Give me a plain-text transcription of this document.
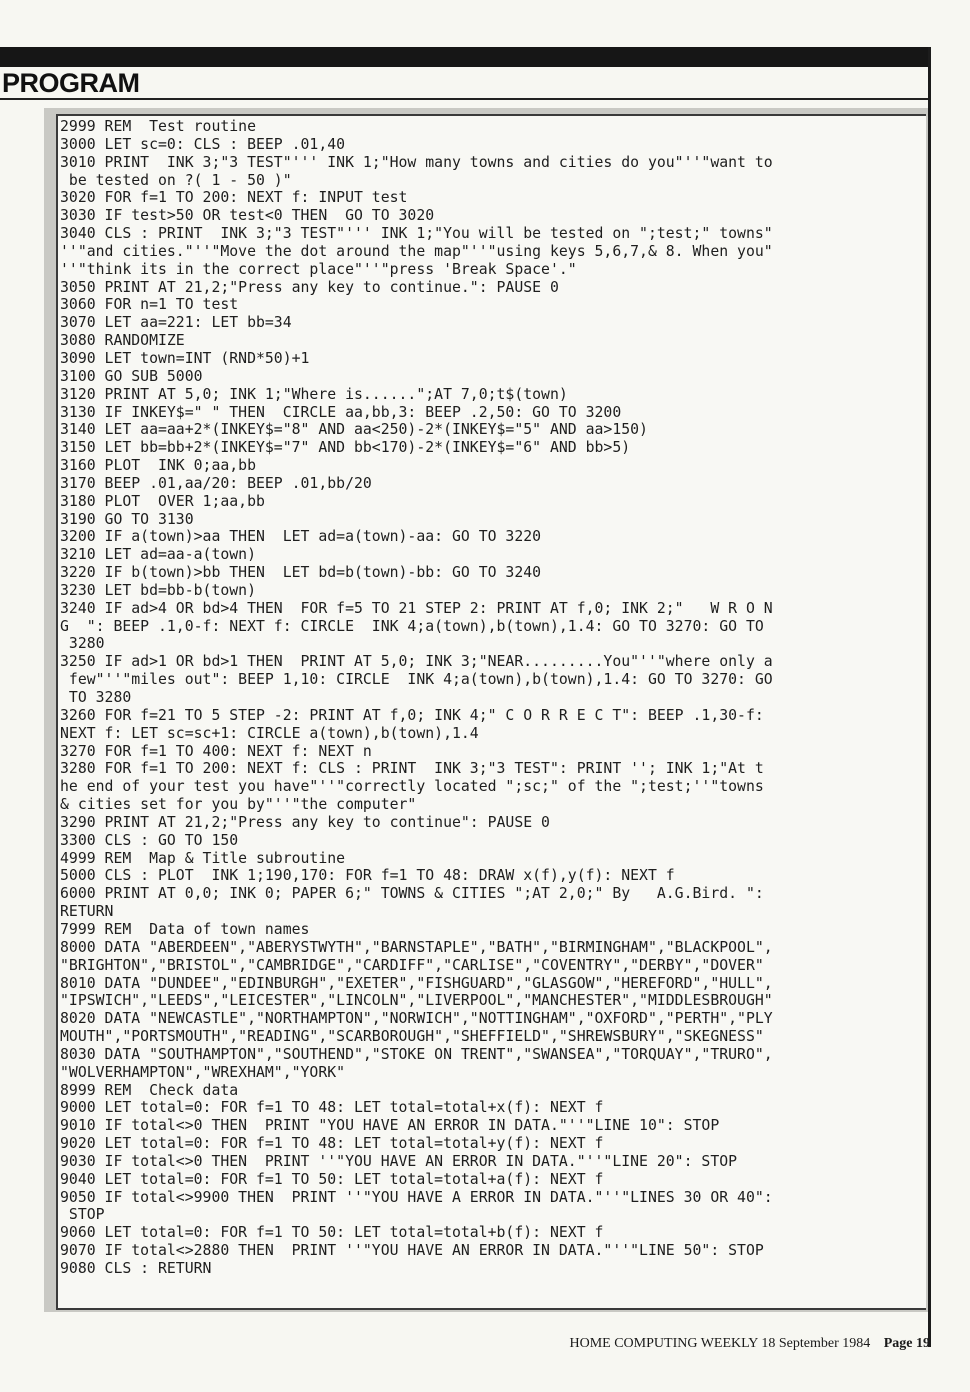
PROGRAM
2999 REM  Test routine
3000 LET sc=0: CLS : BEEP .01,40
3010 PRINT  INK 3;"3 TEST"''' INK 1;"How many towns and cities do you"''"want to
be tested on ?( 1 - 50 )"
3020 FOR f=1 TO 200: NEXT f: INPUT test
3030 IF test>50 OR test<0 THEN  GO TO 3020
3040 CLS : PRINT  INK 3;"3 TEST"''' INK 1;"You will be tested on ";test;" towns"
''"and cities."''"Move the dot around the map"''"using keys 5,6,7,& 8. When you"
''"think its in the correct place"''"press 'Break Space'."
3050 PRINT AT 21,2;"Press any key to continue.": PAUSE 0
3060 FOR n=1 TO test
3070 LET aa=221: LET bb=34
3080 RANDOMIZE
3090 LET town=INT (RND*50)+1
3100 GO SUB 5000
3120 PRINT AT 5,0; INK 1;"Where is......";AT 7,0;t$(town)
3130 IF INKEY$=" " THEN  CIRCLE aa,bb,3: BEEP .2,50: GO TO 3200
3140 LET aa=aa+2*(INKEY$="8" AND aa<250)-2*(INKEY$="5" AND aa>150)
3150 LET bb=bb+2*(INKEY$="7" AND bb<170)-2*(INKEY$="6" AND bb>5)
3160 PLOT  INK 0;aa,bb
3170 BEEP .01,aa/20: BEEP .01,bb/20
3180 PLOT  OVER 1;aa,bb
3190 GO TO 3130
3200 IF a(town)>aa THEN  LET ad=a(town)-aa: GO TO 3220
3210 LET ad=aa-a(town)
3220 IF b(town)>bb THEN  LET bd=b(town)-bb: GO TO 3240
3230 LET bd=bb-b(town)
3240 IF ad>4 OR bd>4 THEN  FOR f=5 TO 21 STEP 2: PRINT AT f,0; INK 2;"   W R O N
G  ": BEEP .1,0-f: NEXT f: CIRCLE  INK 4;a(town),b(town),1.4: GO TO 3270: GO TO
3280
3250 IF ad>1 OR bd>1 THEN  PRINT AT 5,0; INK 3;"NEAR.........You"''"where only a
few"''"miles out": BEEP 1,10: CIRCLE  INK 4;a(town),b(town),1.4: GO TO 3270: GO
TO 3280
3260 FOR f=21 TO 5 STEP -2: PRINT AT f,0; INK 4;" C O R R E C T": BEEP .1,30-f:
NEXT f: LET sc=sc+1: CIRCLE a(town),b(town),1.4
3270 FOR f=1 TO 400: NEXT f: NEXT n
3280 FOR f=1 TO 200: NEXT f: CLS : PRINT  INK 3;"3 TEST": PRINT ''; INK 1;"At t
he end of your test you have"''"correctly located ";sc;" of the ";test;''"towns
& cities set for you by"''"the computer"
3290 PRINT AT 21,2;"Press any key to continue": PAUSE 0
3300 CLS : GO TO 150
4999 REM  Map & Title subroutine
5000 CLS : PLOT  INK 1;190,170: FOR f=1 TO 48: DRAW x(f),y(f): NEXT f
6000 PRINT AT 0,0; INK 0; PAPER 6;" TOWNS & CITIES ";AT 2,0;" By   A.G.Bird. ":
RETURN
7999 REM  Data of town names
8000 DATA "ABERDEEN","ABERYSTWYTH","BARNSTAPLE","BATH","BIRMINGHAM","BLACKPOOL",
"BRIGHTON","BRISTOL","CAMBRIDGE","CARDIFF","CARLISE","COVENTRY","DERBY","DOVER"
8010 DATA "DUNDEE","EDINBURGH","EXETER","FISHGUARD","GLASGOW","HEREFORD","HULL",
"IPSWICH","LEEDS","LEICESTER","LINCOLN","LIVERPOOL","MANCHESTER","MIDDLESBROUGH"
8020 DATA "NEWCASTLE","NORTHAMPTON","NORWICH","NOTTINGHAM","OXFORD","PERTH","PLY
MOUTH","PORTSMOUTH","READING","SCARBOROUGH","SHEFFIELD","SHREWSBURY","SKEGNESS"
8030 DATA "SOUTHAMPTON","SOUTHEND","STOKE ON TRENT","SWANSEA","TORQUAY","TRURO",
"WOLVERHAMPTON","WREXHAM","YORK"
8999 REM  Check data
9000 LET total=0: FOR f=1 TO 48: LET total=total+x(f): NEXT f
9010 IF total<>0 THEN  PRINT "YOU HAVE AN ERROR IN DATA."''"LINE 10": STOP
9020 LET total=0: FOR f=1 TO 48: LET total=total+y(f): NEXT f
9030 IF total<>0 THEN  PRINT ''"YOU HAVE AN ERROR IN DATA."''"LINE 20": STOP
9040 LET total=0: FOR f=1 TO 50: LET total=total+a(f): NEXT f
9050 IF total<>9900 THEN  PRINT ''"YOU HAVE A ERROR IN DATA."''"LINES 30 OR 40":
STOP
9060 LET total=0: FOR f=1 TO 50: LET total=total+b(f): NEXT f
9070 IF total<>2880 THEN  PRINT ''"YOU HAVE AN ERROR IN DATA."''"LINE 50": STOP
9080 CLS : RETURN
HOME COMPUTING WEEKLY 18 September 1984 Page 19
